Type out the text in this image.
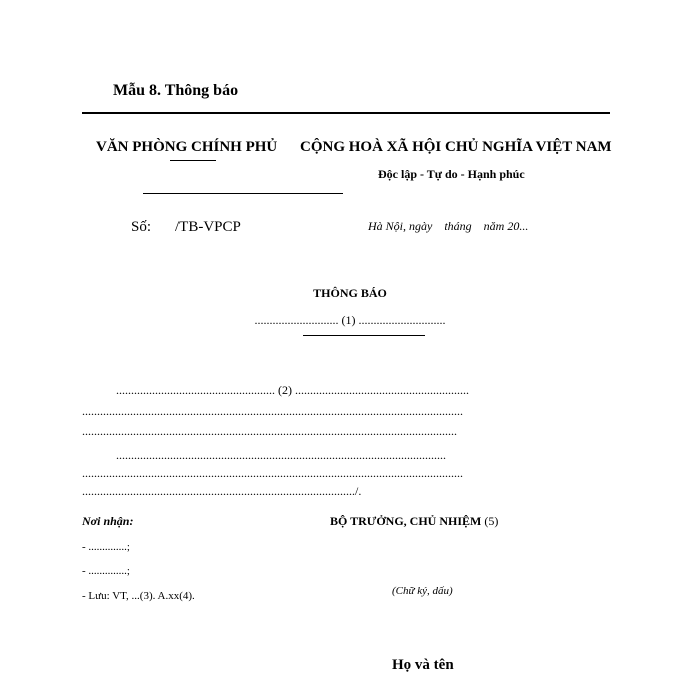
Mẫu 8. Thông báo
VĂN PHÒNG CHÍNH PHỦ CỘNG HOÀ XÃ HỘI CHỦ NGHĨA VIỆT NAM
Độc lập - Tự do - Hạnh phúc
Số: /TB-VPCP	Hà Nội, ngày    tháng    năm 20...
THÔNG BÁO
............................ (1) .............................
..................................................... (2) ..........................................................
...............................................................................................................................
.............................................................................................................................
..............................................................................................................
...............................................................................................................................
.........................................................................................../.
Nơi nhận:
- ..............;
- ..............;
- Lưu: VT, ...(3). A.xx(4).
BỘ TRƯỞNG, CHỦ NHIỆM (5)
(Chữ ký, dấu)
Họ và tên
